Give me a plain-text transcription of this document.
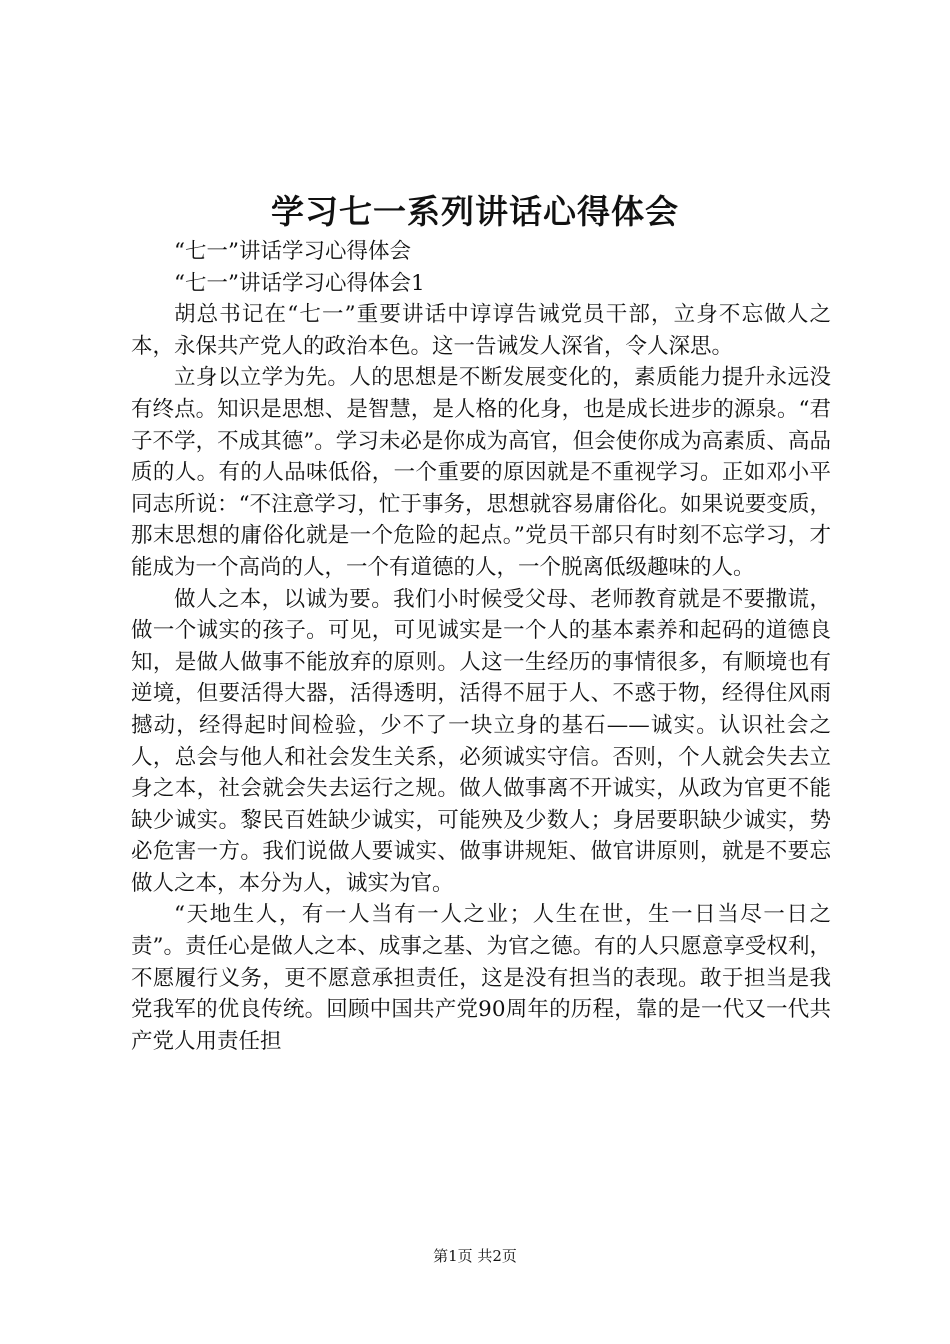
学习七一系列讲话心得体会

“七一”讲话学习心得体会

“七一”讲话学习心得体会1

胡总书记在“七一”重要讲话中谆谆告诫党员干部，立身不忘做人之本，永保共产党人的政治本色。这一告诫发人深省，令人深思。

立身以立学为先。人的思想是不断发展变化的，素质能力提升永远没有终点。知识是思想、是智慧，是人格的化身，也是成长进步的源泉。“君子不学，不成其德”。学习未必是你成为高官，但会使你成为高素质、高品质的人。有的人品味低俗，一个重要的原因就是不重视学习。正如邓小平同志所说：“不注意学习，忙于事务，思想就容易庸俗化。如果说要变质，那末思想的庸俗化就是一个危险的起点。”党员干部只有时刻不忘学习，才能成为一个高尚的人，一个有道德的人，一个脱离低级趣味的人。

做人之本，以诚为要。我们小时候受父母、老师教育就是不要撒谎，做一个诚实的孩子。可见，可见诚实是一个人的基本素养和起码的道德良知，是做人做事不能放弃的原则。人这一生经历的事情很多，有顺境也有逆境，但要活得大器，活得透明，活得不屈于人、不惑于物，经得住风雨撼动，经得起时间检验，少不了一块立身的基石——诚实。认识社会之人，总会与他人和社会发生关系，必须诚实守信。否则，个人就会失去立身之本，社会就会失去运行之规。做人做事离不开诚实，从政为官更不能缺少诚实。黎民百姓缺少诚实，可能殃及少数人；身居要职缺少诚实，势必危害一方。我们说做人要诚实、做事讲规矩、做官讲原则，就是不要忘做人之本，本分为人，诚实为官。

“天地生人，有一人当有一人之业；人生在世，生一日当尽一日之责”。责任心是做人之本、成事之基、为官之德。有的人只愿意享受权利，不愿履行义务，更不愿意承担责任，这是没有担当的表现。敢于担当是我党我军的优良传统。回顾中国共产党90周年的历程，靠的是一代又一代共产党人用责任担

第1页 共2页
